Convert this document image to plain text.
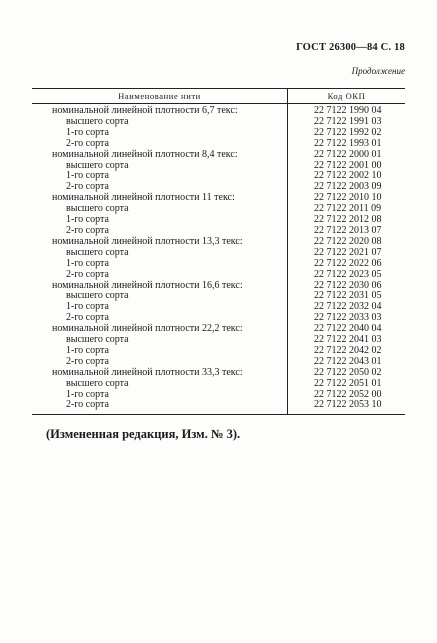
ГОСТ 26300—84 С. 18
Продолжение
Наименование нити	Код ОКП
номинальной линейной плотности 6,7 текс:	22 7122 1990 04
высшего сорта	22 7122 1991 03
1-го сорта	22 7122 1992 02
2-го сорта	22 7122 1993 01
номинальной линейной плотности 8,4 текс:	22 7122 2000 01
высшего сорта	22 7122 2001 00
1-го сорта	22 7122 2002 10
2-го сорта	22 7122 2003 09
номинальной линейной плотности 11 текс:	22 7122 2010 10
высшего сорта	22 7122 2011 09
1-го сорта	22 7122 2012 08
2-го сорта	22 7122 2013 07
номинальной линейной плотности 13,3 текс:	22 7122 2020 08
высшего сорта	22 7122 2021 07
1-го сорта	22 7122 2022 06
2-го сорта	22 7122 2023 05
номинальной линейной плотности 16,6 текс:	22 7122 2030 06
высшего сорта	22 7122 2031 05
1-го сорта	22 7122 2032 04
2-го сорта	22 7122 2033 03
номинальной линейной плотности 22,2 текс:	22 7122 2040 04
высшего сорта	22 7122 2041 03
1-го сорта	22 7122 2042 02
2-го сорта	22 7122 2043 01
номинальной линейной плотности 33,3 текс:	22 7122 2050 02
высшего сорта	22 7122 2051 01
1-го сорта	22 7122 2052 00
2-го сорта	22 7122 2053 10
(Измененная редакция, Изм. № 3).
